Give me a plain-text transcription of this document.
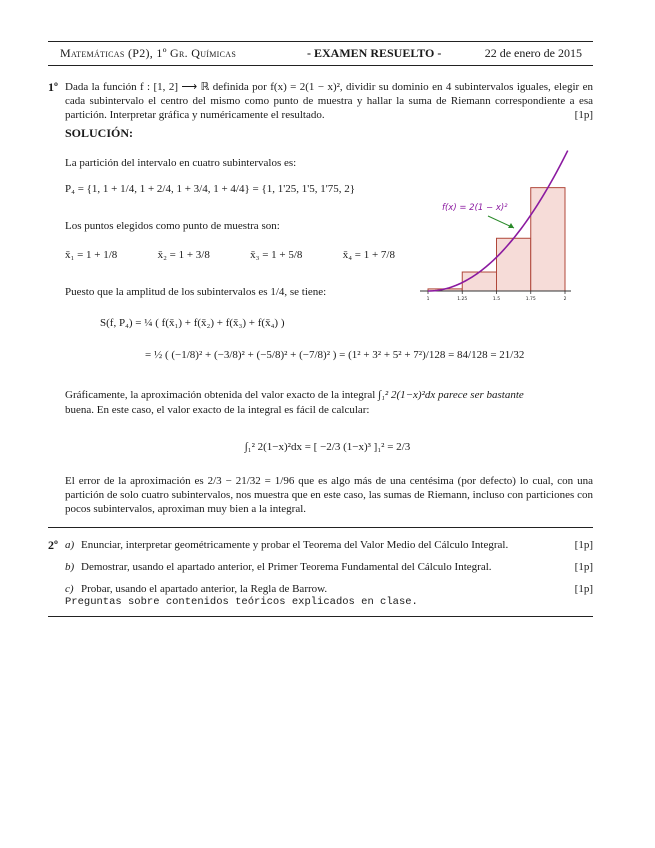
Matemáticas (P2), 1º Gr. Químicas	- EXAMEN RESUELTO -	22 de enero de 2015
1º Dada la función f : [1, 2] ⟶ ℝ definida por f(x) = 2(1 − x)², dividir su dominio en 4 subintervalos iguales, elegir en cada subintervalo el centro del mismo como punto de muestra y hallar la suma de Riemann correspondiente a esa partición. Interpretar gráfica y numéricamente el resultado.	[1p]
SOLUCIÓN:
La partición del intervalo en cuatro subintervalos es:
P₄ = {1, 1 + 1/4, 1 + 2/4, 1 + 3/4, 1 + 4/4} = {1, 1'25, 1'5, 1'75, 2}
Los puntos elegidos como punto de muestra son:
x̄₁ = 1 + 1/8	x̄₂ = 1 + 3/8	x̄₃ = 1 + 5/8	x̄₄ = 1 + 7/8
Puesto que la amplitud de los subintervalos es 1/4, se tiene:
S(f, P₄) = ¼ ( f(x̄₁) + f(x̄₂) + f(x̄₃) + f(x̄₄) )
= ½ ( (−1/8)² + (−3/8)² + (−5/8)² + (−7/8)² ) = (1² + 3² + 5² + 7²)/128 = 84/128 = 21/32
1	1.25	1.5	1.75	2
f(x) = 2(1 − x)²
Gráficamente, la aproximación obtenida del valor exacto de la integral ∫₁² 2(1−x)²dx parece ser bastante
buena. En este caso, el valor exacto de la integral es fácil de calcular:
∫₁² 2(1−x)²dx = [ −2/3 (1−x)³ ]₁² = 2/3
El error de la aproximación es 2/3 − 21/32 = 1/96 que es algo más de una centésima (por defecto) lo cual, con una partición de solo cuatro subintervalos, nos muestra que en este caso, las sumas de Riemann, incluso con particiones con pocos subintervalos, aproximan muy bien a la integral.
2º a) Enunciar, interpretar geométricamente y probar el Teorema del Valor Medio del Cálculo Integral.	[1p]
b) Demostrar, usando el apartado anterior, el Primer Teorema Fundamental del Cálculo Integral.	[1p]
c) Probar, usando el apartado anterior, la Regla de Barrow.	[1p]
Preguntas sobre contenidos teóricos explicados en clase.
